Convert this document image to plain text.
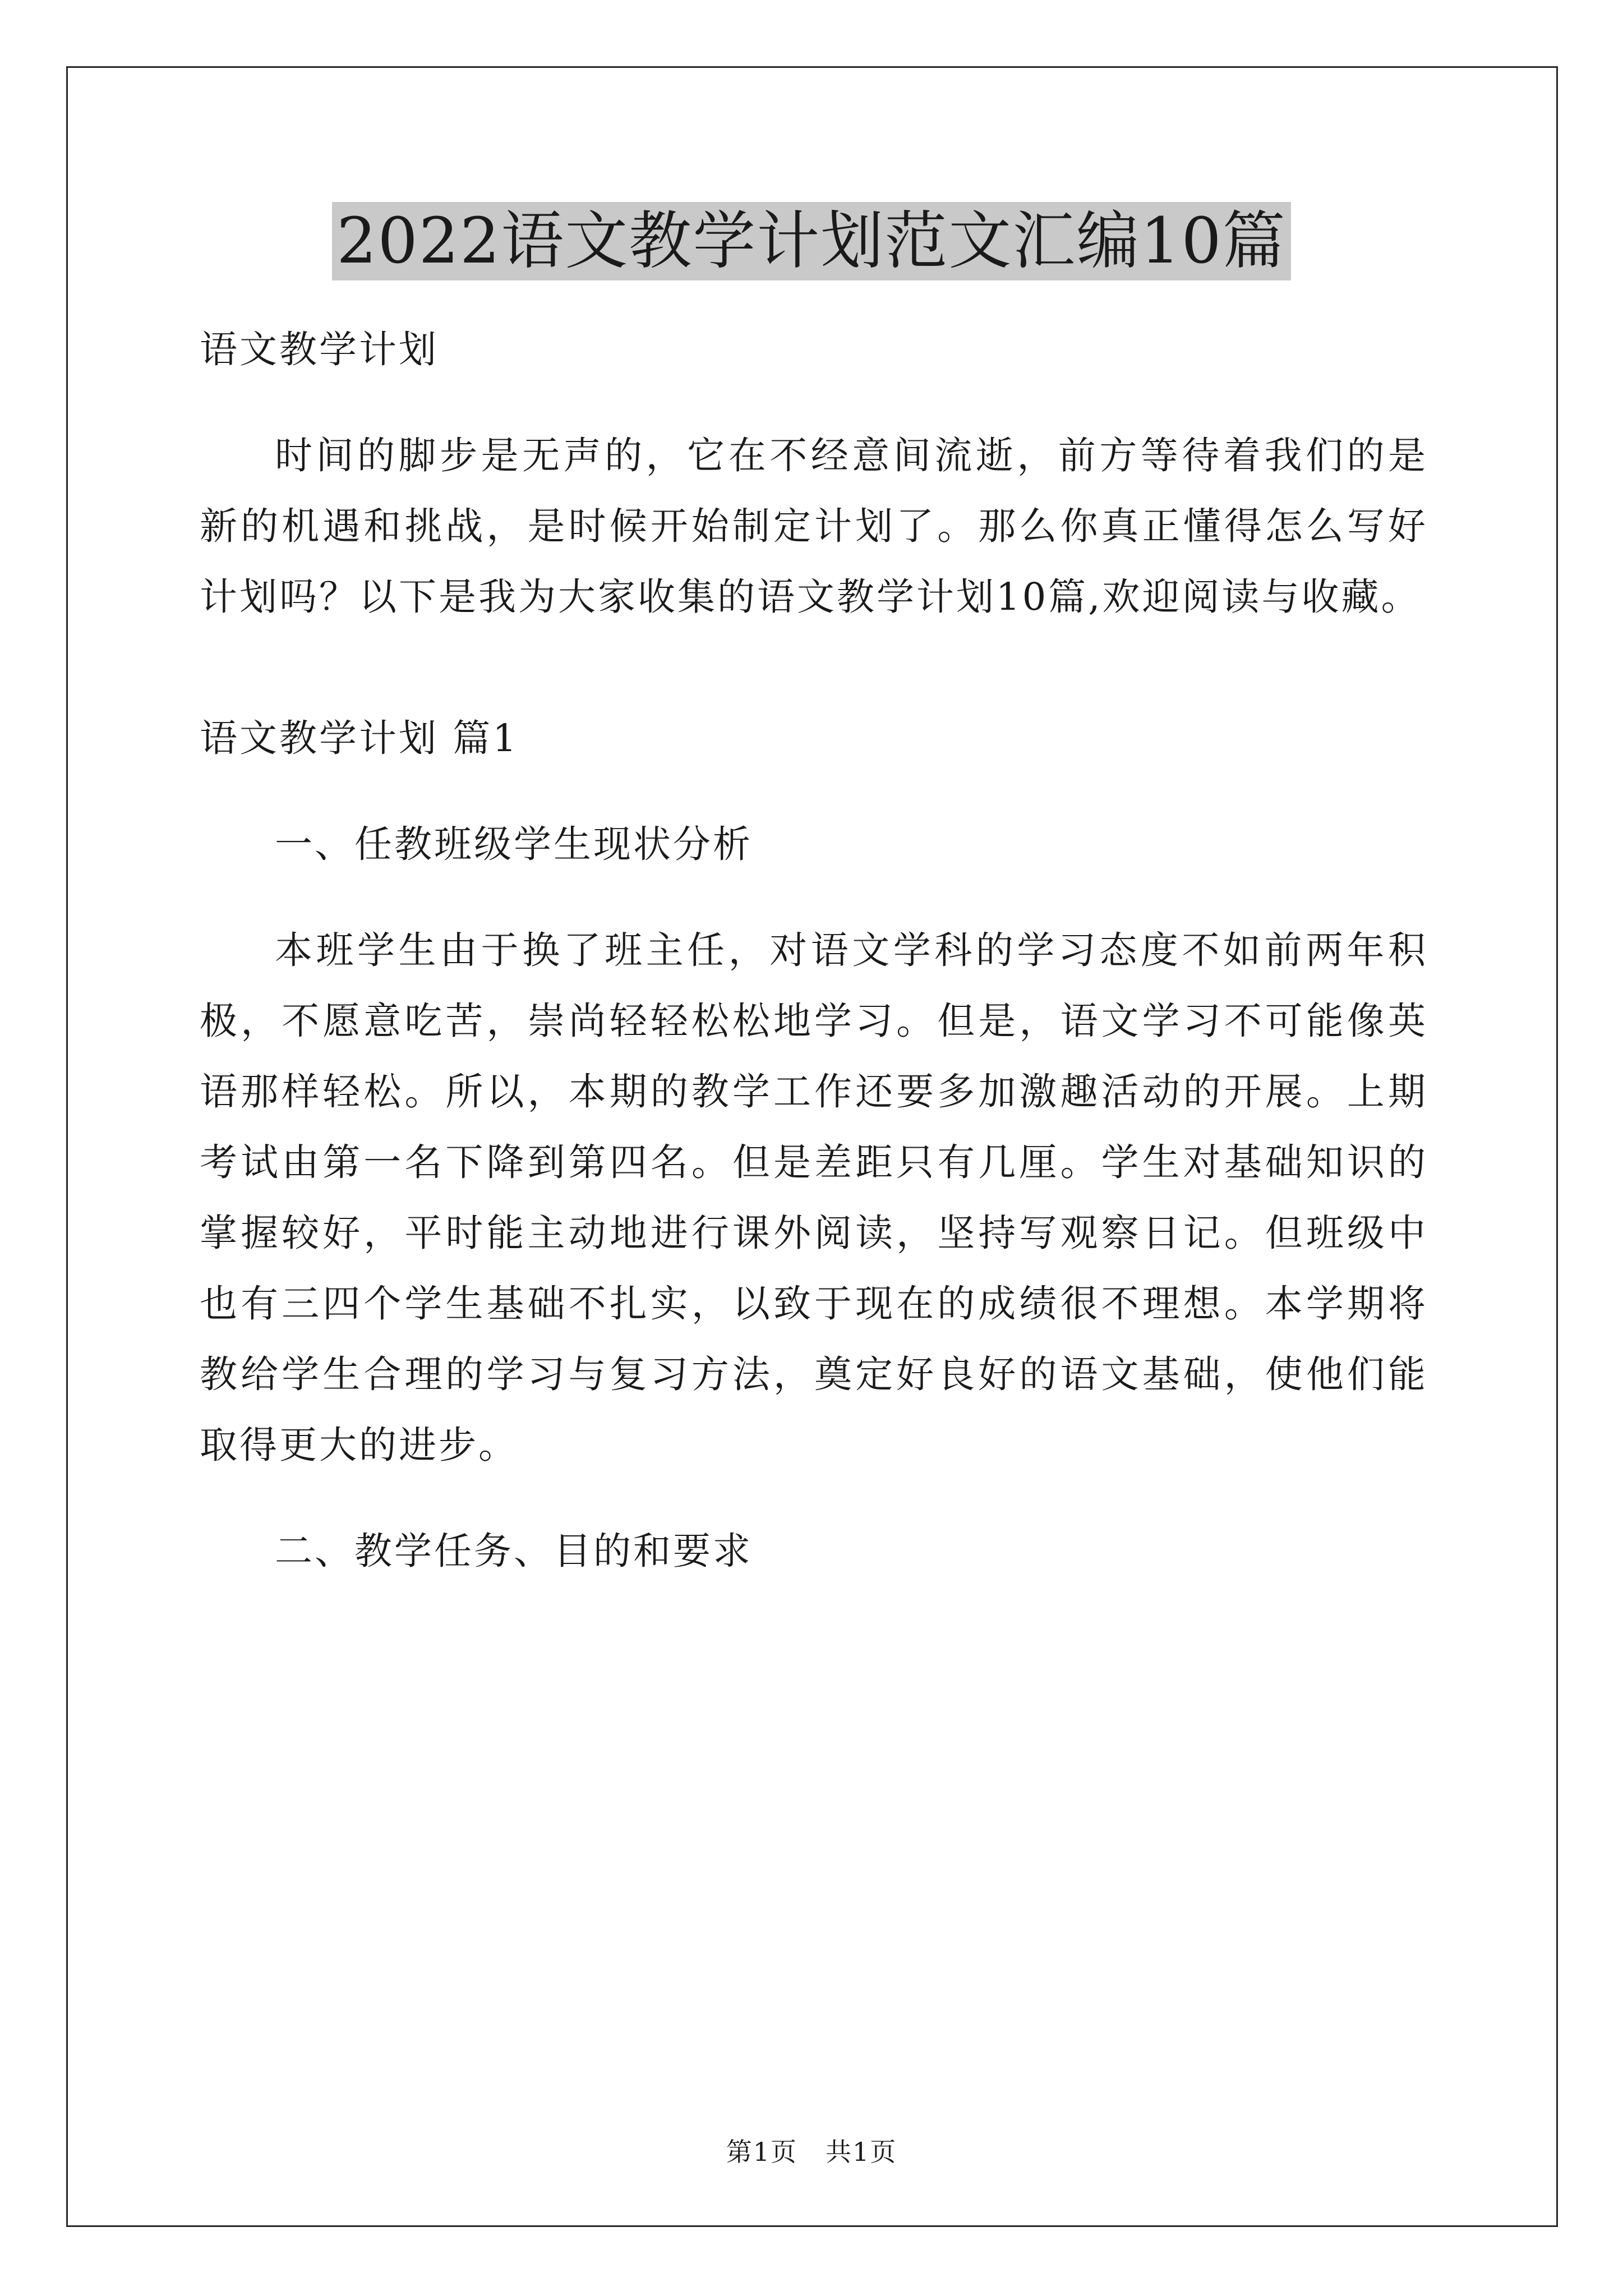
2022语文教学计划范文汇编10篇

语文教学计划

时间的脚步是无声的，它在不经意间流逝，前方等待着我们的是新的机遇和挑战，是时候开始制定计划了。那么你真正懂得怎么写好计划吗？以下是我为大家收集的语文教学计划10篇,欢迎阅读与收藏。

语文教学计划 篇1

一、任教班级学生现状分析

本班学生由于换了班主任，对语文学科的学习态度不如前两年积极，不愿意吃苦，崇尚轻轻松松地学习。但是，语文学习不可能像英语那样轻松。所以，本期的教学工作还要多加激趣活动的开展。上期考试由第一名下降到第四名。但是差距只有几厘。学生对基础知识的掌握较好，平时能主动地进行课外阅读，坚持写观察日记。但班级中也有三四个学生基础不扎实，以致于现在的成绩很不理想。本学期将教给学生合理的学习与复习方法，奠定好良好的语文基础，使他们能取得更大的进步。

二、教学任务、目的和要求

第1页 共1页
